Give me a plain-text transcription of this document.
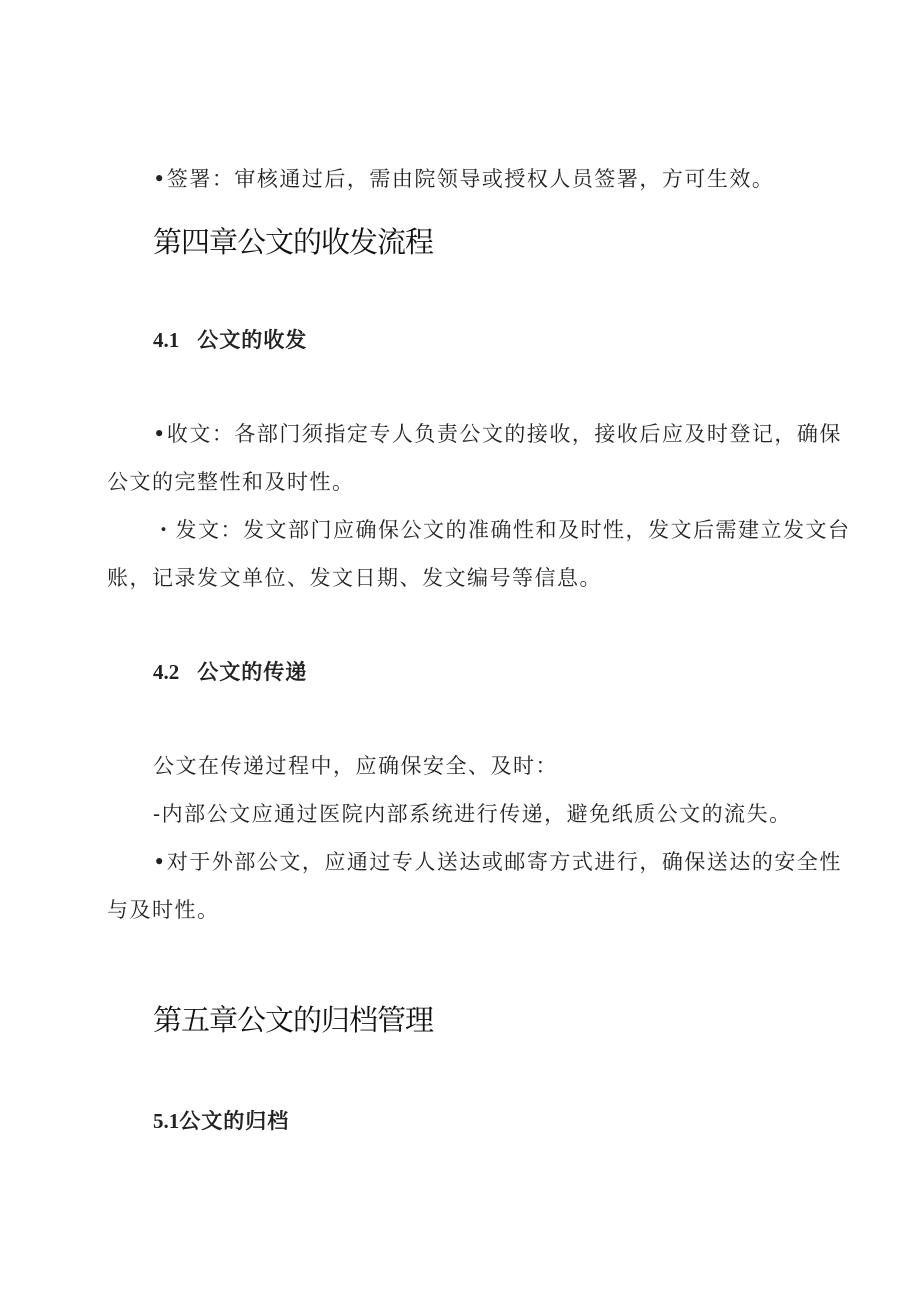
•签署：审核通过后，需由院领导或授权人员签署，方可生效。

第四章公文的收发流程
4.1 公文的收发

•收文：各部门须指定专人负责公文的接收，接收后应及时登记，确保
公文的完整性和及时性。

・发文：发文部门应确保公文的准确性和及时性，发文后需建立发文台
账，记录发文单位、发文日期、发文编号等信息。

4.2 公文的传递

公文在传递过程中，应确保安全、及时：

-内部公文应通过医院内部系统进行传递，避免纸质公文的流失。

•对于外部公文，应通过专人送达或邮寄方式进行，确保送达的安全性
与及时性。

第五章公文的归档管理
5.1公文的归档
